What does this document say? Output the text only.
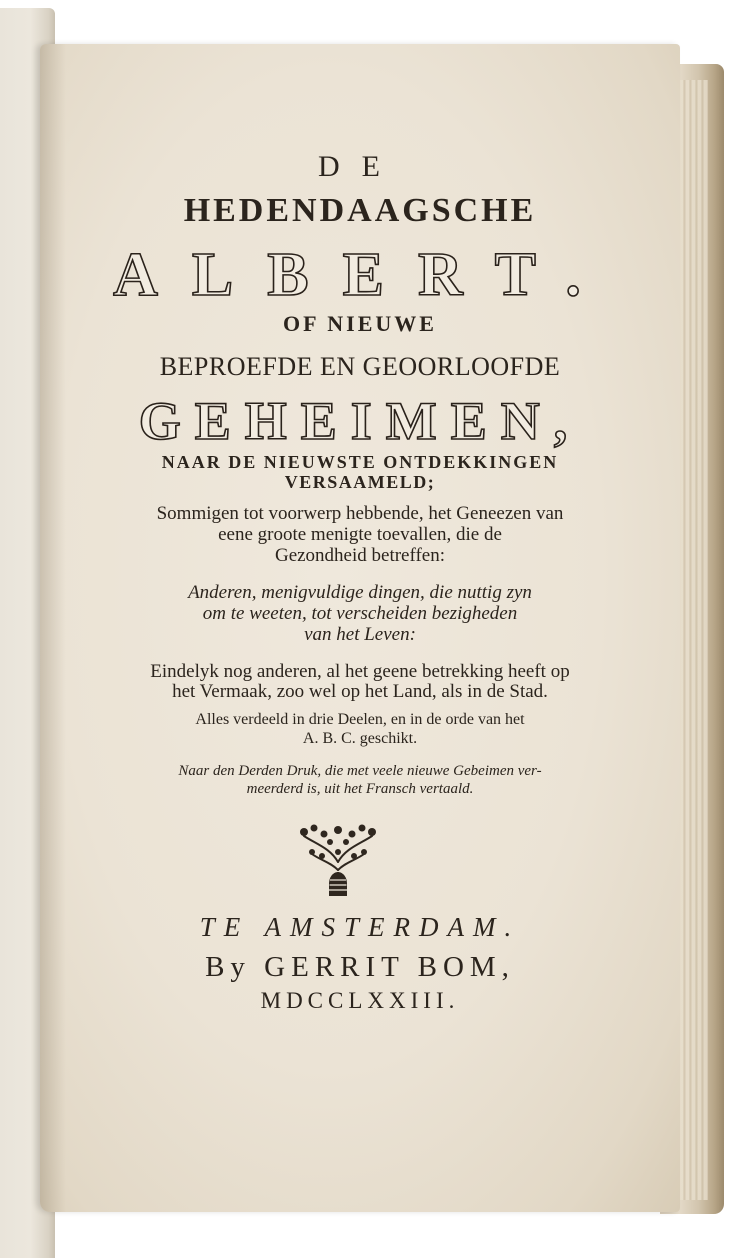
DE

HEDENDAAGSCHE

ALBERT.

OF NIEUWE

BEPROEFDE EN GEOORLOOFDE

GEHEIMEN,

NAAR DE NIEUWSTE ONTDEKKINGEN

VERSAAMELD;

Sommigen tot voorwerp hebbende, het Geneezen van

eene groote menigte toevallen, die de

Gezondheid betreffen:

Anderen, menigvuldige dingen, die nuttig zyn

om te weeten, tot verscheiden bezigheden

van het Leven:

Eindelyk nog anderen, al het geene betrekking heeft op

het Vermaak, zoo wel op het Land, als in de Stad.

Alles verdeeld in drie Deelen, en in de orde van het

A. B. C. geschikt.

Naar den Derden Druk, die met veele nieuwe Gebeimen ver-

meerderd is, uit het Fransch vertaald.

TE AMSTERDAM.

By GERRIT BOM,

MDCCLXXIII.
